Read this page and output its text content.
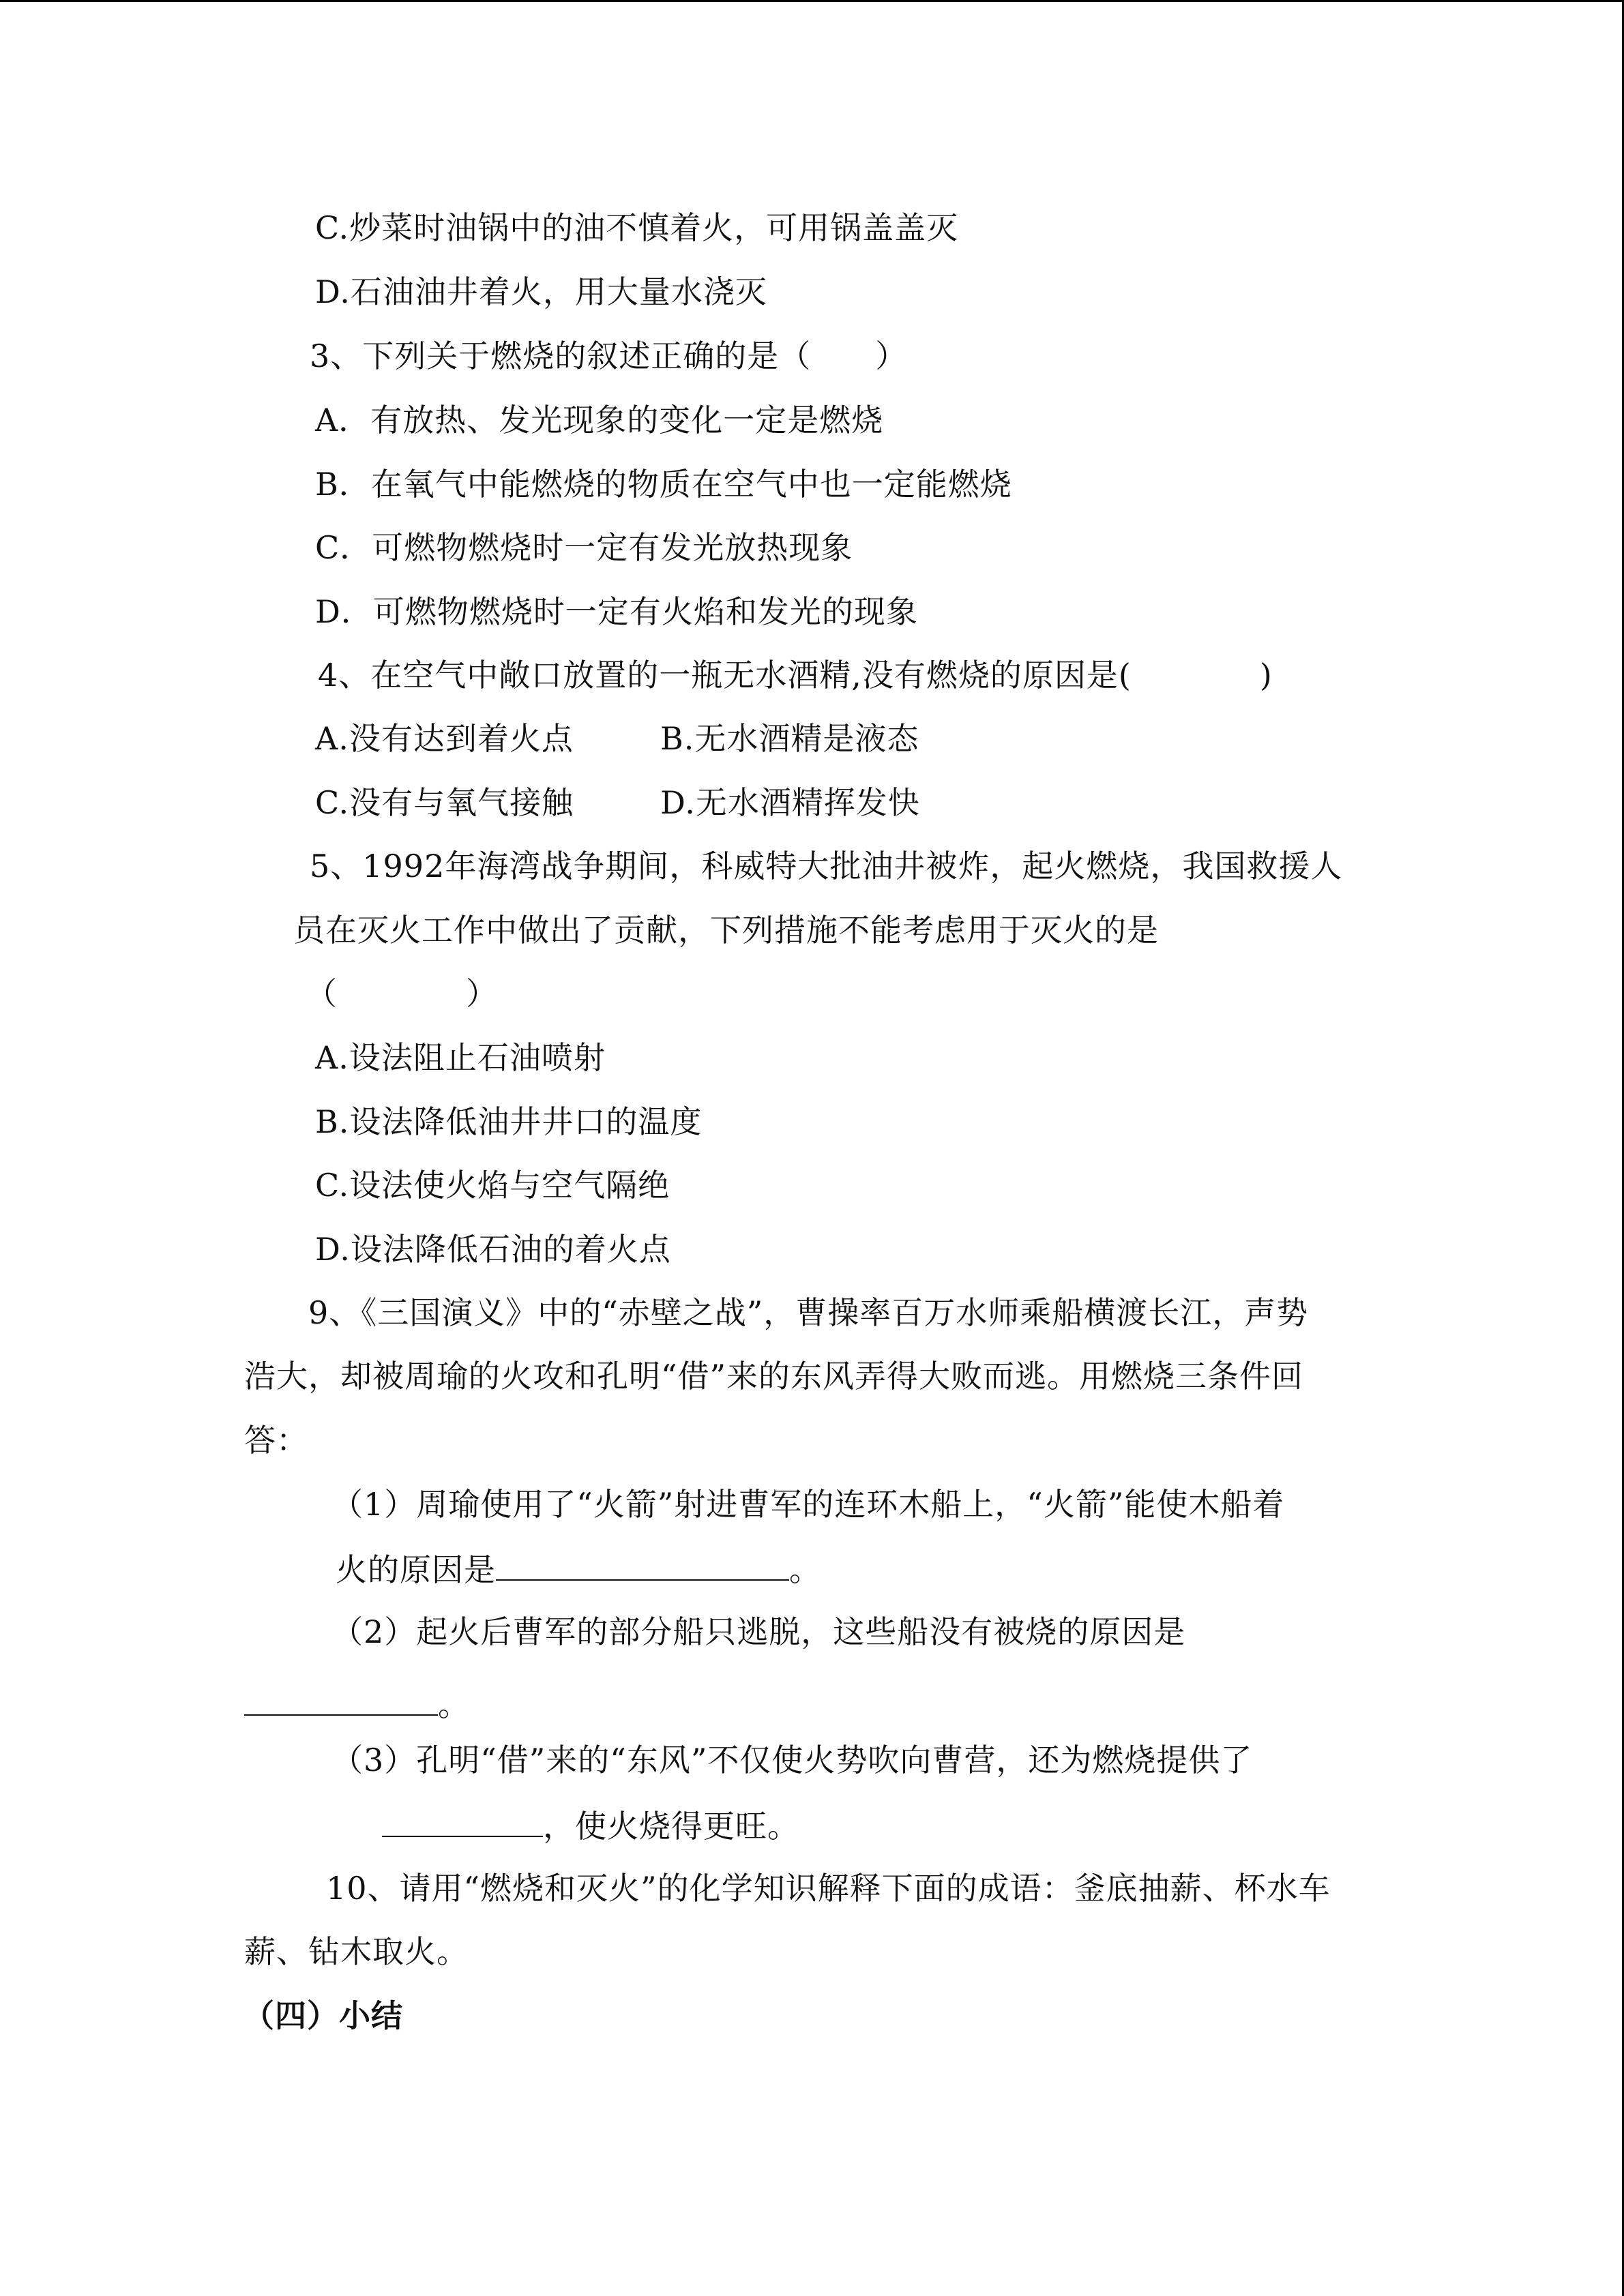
C.炒菜时油锅中的油不慎着火，可用锅盖盖灭
D.石油油井着火，用大量水浇灭
3、下列关于燃烧的叙述正确的是（　　）
A．有放热、发光现象的变化一定是燃烧
B．在氧气中能燃烧的物质在空气中也一定能燃烧
C．可燃物燃烧时一定有发光放热现象
D．可燃物燃烧时一定有火焰和发光的现象
4、在空气中敞口放置的一瓶无水酒精,没有燃烧的原因是(　　　　)
A.没有达到着火点	B.无水酒精是液态
C.没有与氧气接触	D.无水酒精挥发快
5、1992年海湾战争期间，科威特大批油井被炸，起火燃烧，我国救援人
员在灭火工作中做出了贡献，下列措施不能考虑用于灭火的是
（　　　　）
A.设法阻止石油喷射
B.设法降低油井井口的温度
C.设法使火焰与空气隔绝
D.设法降低石油的着火点
9、《三国演义》中的“赤壁之战”，曹操率百万水师乘船横渡长江，声势
浩大，却被周瑜的火攻和孔明“借”来的东风弄得大败而逃。用燃烧三条件回
答：
（1）周瑜使用了“火箭”射进曹军的连环木船上，“火箭”能使木船着
火的原因是	。
（2）起火后曹军的部分船只逃脱，这些船没有被烧的原因是
。
（3）孔明“借”来的“东风”不仅使火势吹向曹营，还为燃烧提供了
，使火烧得更旺。
10、请用“燃烧和灭火”的化学知识解释下面的成语：釜底抽薪、杯水车
薪、钻木取火。
（四）小结
